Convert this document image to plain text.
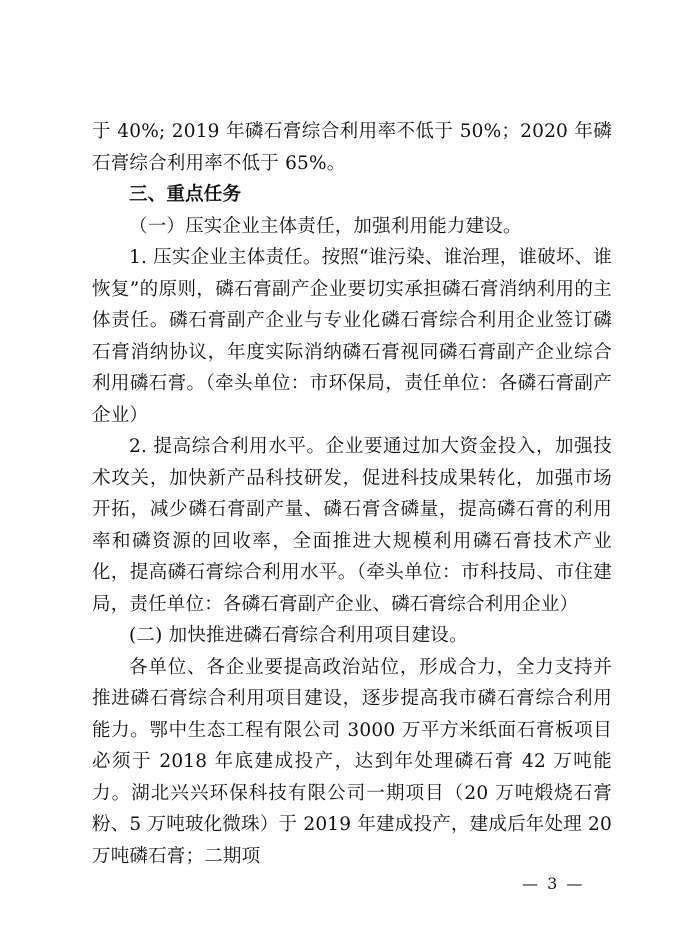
于 40%; 2019 年磷石膏综合利用率不低于 50%；2020 年磷石膏综合利用率不低于 65%。

三、重点任务

（一）压实企业主体责任，加强利用能力建设。

1. 压实企业主体责任。按照“谁污染、谁治理，谁破坏、谁恢复”的原则，磷石膏副产企业要切实承担磷石膏消纳利用的主体责任。磷石膏副产企业与专业化磷石膏综合利用企业签订磷石膏消纳协议，年度实际消纳磷石膏视同磷石膏副产企业综合利用磷石膏。（牵头单位：市环保局，责任单位：各磷石膏副产企业）

2. 提高综合利用水平。企业要通过加大资金投入，加强技术攻关，加快新产品科技研发，促进科技成果转化，加强市场开拓，减少磷石膏副产量、磷石膏含磷量，提高磷石膏的利用率和磷资源的回收率，全面推进大规模利用磷石膏技术产业化，提高磷石膏综合利用水平。（牵头单位：市科技局、市住建局，责任单位：各磷石膏副产企业、磷石膏综合利用企业）

(二) 加快推进磷石膏综合利用项目建设。

各单位、各企业要提高政治站位，形成合力，全力支持并推进磷石膏综合利用项目建设，逐步提高我市磷石膏综合利用能力。鄂中生态工程有限公司 3000 万平方米纸面石膏板项目必须于 2018 年底建成投产，达到年处理磷石膏 42 万吨能力。湖北兴兴环保科技有限公司一期项目（20 万吨煅烧石膏粉、5 万吨玻化微珠）于 2019 年建成投产，建成后年处理 20 万吨磷石膏；二期项

— 3 —
